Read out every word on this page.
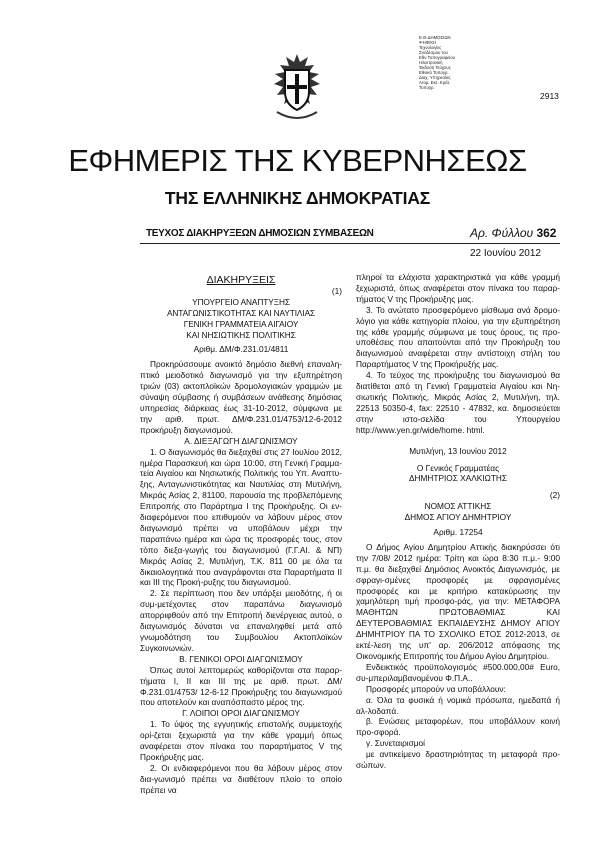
2913
Ε.Θ.ΔΗΜΟΣΙΩΝ
ΨΗΦ/ΚΗ
Τεχνολογίες
Συνδέσμου του
Εθν.Τυπογραφείου
Ηλεκτρονική
Έκδοση Τεύχους
Εθνικό Τυπογρ.
Διαχ. Υπηρεσίας
Ατομ. Εκτ. Κράτ.
Τυπογρ.
ΕΦΗΜΕΡΙΣ ΤΗΣ ΚΥΒΕΡΝΗΣΕΩΣ
ΤΗΣ ΕΛΛΗΝΙΚΗΣ ΔΗΜΟΚΡΑΤΙΑΣ
ΤΕΥΧΟΣ ΔΙΑΚΗΡΥΞΕΩΝ ΔΗΜΟΣΙΩΝ ΣΥΜΒΑΣΕΩΝ	Αρ. Φύλλου 362
22 Ιουνίου 2012
ΔΙΑΚΗΡΥΞΕΙΣ
(1)
ΥΠΟΥΡΓΕΙΟ ΑΝΑΠΤΥΞΗΣ
ΑΝΤΑΓΩΝΙΣΤΙΚΟΤΗΤΑΣ ΚΑΙ ΝΑΥΤΙΛΙΑΣ
ΓΕΝΙΚΗ ΓΡΑΜΜΑΤΕΙΑ ΑΙΓΑΙΟΥ
ΚΑΙ ΝΗΣΙΩΤΙΚΗΣ ΠΟΛΙΤΙΚΗΣ
Αριθμ. ΔΜ/Φ.231.01/4811

Προκηρύσσουμε ανοικτό δημόσιο διεθνή επαναλη-πτικό μειοδοτικό διαγωνισμό για την εξυπηρέτηση τριών (03) ακτοπλοϊκών δρομολογιακών γραμμών με σύναψη σύμβασης ή συμβάσεων ανάθεσης δημόσιας υπηρεσίας διάρκειας έως 31-10-2012, σύμφωνα με την αριθ. πρωτ. ΔΜ/Φ.231.01/4753/12-6-2012 προκήρυξη διαγωνισμού.

Α. ΔΙΕΞΑΓΩΓΗ ΔΙΑΓΩΝΙΣΜΟΥ

1. Ο διαγωνισμός θα διεξαχθεί στις 27 Ιουλίου 2012, ημέρα Παρασκευή και ώρα 10:00, στη Γενική Γραμμα-τεία Αιγαίου και Νησιωτικής Πολιτικής του Υπ. Αναπτυ-ξης, Ανταγωνιστικότητας και Ναυτιλίας στη Μυτιλήνη, Μικράς Ασίας 2, 81100, παρουσία της προβλεπόμενης Επιτροπής στο Παράρτημα Ι της Προκήρυξης. Οι εν-διαφερόμενοι που επιθυμούν να λάβουν μέρος στον διαγωνισμό πρέπει να υποβάλουν μέχρι την παραπάνω ημέρα και ώρα τις προσφορές τους, στον τόπο διεξα-γωγής του διαγωνισμού (Γ.Γ.ΑΙ. & ΝΠ) Μικράς Ασίας 2, Μυτιλήνη, Τ.Κ. 811 00 με όλα τα δικαιολογητικά που αναγράφονται στα Παραρτήματα ΙΙ και ΙΙΙ της Προκή-ρυξης του διαγωνισμού.

2. Σε περίπτωση που δεν υπάρξει μειοδότης, ή οι συμ-μετέχοντες στον παραπάνω διαγωνισμό απορριφθούν από την Επιτροπή διενέργειας αυτού, ο διαγωνισμός δύναται να επαναληφθεί μετά από γνωμοδότηση του Συμβουλίου Ακτοπλοϊκών Συγκοινωνιών.

Β. ΓΕΝΙΚΟΙ ΟΡΟΙ ΔΙΑΓΩΝΙΣΜΟΥ

Όπως αυτοί λεπτομερώς καθορίζονται στα παραρ-τήματα Ι, ΙΙ και ΙΙΙ της με αριθ. πρωτ. ΔΜ/Φ.231.01/4753/ 12-6-12 Προκήρυξης του διαγωνισμού που αποτελούν και αναπόσπαστο μέρος της.

Γ. ΛΟΙΠΟΙ ΟΡΟΙ ΔΙΑΓΩΝΙΣΜΟΥ

1. Το ύψος της εγγυητικής επιστολής συμμετοχής ορί-ζεται ξεχωριστά για την κάθε γραμμή όπως αναφέρεται στον πίνακα του παραρτήματος V της Προκήρυξης μας.

2. Οι ενδιαφερόμενοι που θα λάβουν μέρος στον δια-γωνισμό πρέπει να διαθέτουν πλοίο το οποίο πρέπει να

πληροί τα ελάχιστα χαρακτηριστικά για κάθε γραμμή ξεχωριστά, όπως αναφέρεται στον πίνακα του παραρ-τήματος V της Προκήρυξης μας.

3. Το ανώτατο προσφερόμενο μίσθωμα ανά δρομο-λόγιο για κάθε κατηγορία πλοίου, για την εξυπηρέτηση της κάθε γραμμής σύμφωνα με τους όρους, τις προ-υποθέσεις που απαιτούνται από την Προκήρυξη του διαγωνισμού αναφέρεται στην αντίστοιχη στήλη του Παραρτήματος V της Προκήρυξής μας.

4. Το τεύχος της προκήρυξης του διαγωνισμού θα διατίθεται από τη Γενική Γραμματεία Αιγαίου και Νη-σιωτικής Πολιτικής, Μικράς Ασίας 2, Μυτιλήνη, τηλ. 22513 50350-4, fax: 22510 - 47832, κα. δημοσιεύεται στην ιστο-σελίδα του Υπουργείου http://www.yen.gr/wide/home. html.

Μυτιλήνη, 13 Ιουνίου 2012
Ο Γενικός Γραμματέας
ΔΗΜΗΤΡΙΟΣ ΧΑΛΚΙΩΤΗΣ
(2)
ΝΟΜΟΣ ΑΤΤΙΚΗΣ
ΔΗΜΟΣ ΑΓΙΟΥ ΔΗΜΗΤΡΙΟΥ
Αριθμ. 17254

Ο Δήμος Αγίου Δημητρίου Αττικής διακηρύσσει ότι την 7/08/ 2012 ημέρα: Τρίτη και ώρα 8:30 π.μ.- 9:00 π.μ. θα διεξαχθεί Δημόσιος Ανοικτός Διαγωνισμός, με σφραγι-σμένες προσφορές με σφραγισμένες προσφορές και με κριτήριο κατακύρωσης την χαμηλότερη τιμή προσφο-ράς, για την: ΜΕΤΑΦΟΡΑ ΜΑΘΗΤΩΝ ΠΡΩΤΟΒΑΘΜΙΑΣ ΚΑΙ ΔΕΥΤΕΡΟΒΑΘΜΙΑΣ ΕΚΠΑΙΔΕΥΣΗΣ ΔΗΜΟΥ ΑΓΙΟΥ ΔΗΜΗΤΡΙΟΥ ΠΑ ΤΟ ΣΧΟΛΙΚΟ ΕΤΟΣ 2012-2013, σε εκτέ-λεση της υπ' αρ. 206/2012 απόφασης της Οικονομικής Επιτροπής του Δήμου Αγίου Δημητρίου.

Ενδεικτικός προϋπολογισμός #500.000,00# Euro, συ-μπεριλαμβανομένου Φ.Π.Α..

Προσφορές μπορούν να υποβάλλουν:

α. Όλα τα φυσικά ή νομικά πρόσωπα, ημεδαπά ή αλ-λοδαπά.

β. Ενώσεις μεταφορέων, που υποβάλλουν κοινή προ-σφορά.

γ. Συνεταιρισμοί

με αντικείμενο δραστηριότητας τη μεταφορά προ-σώπων.
